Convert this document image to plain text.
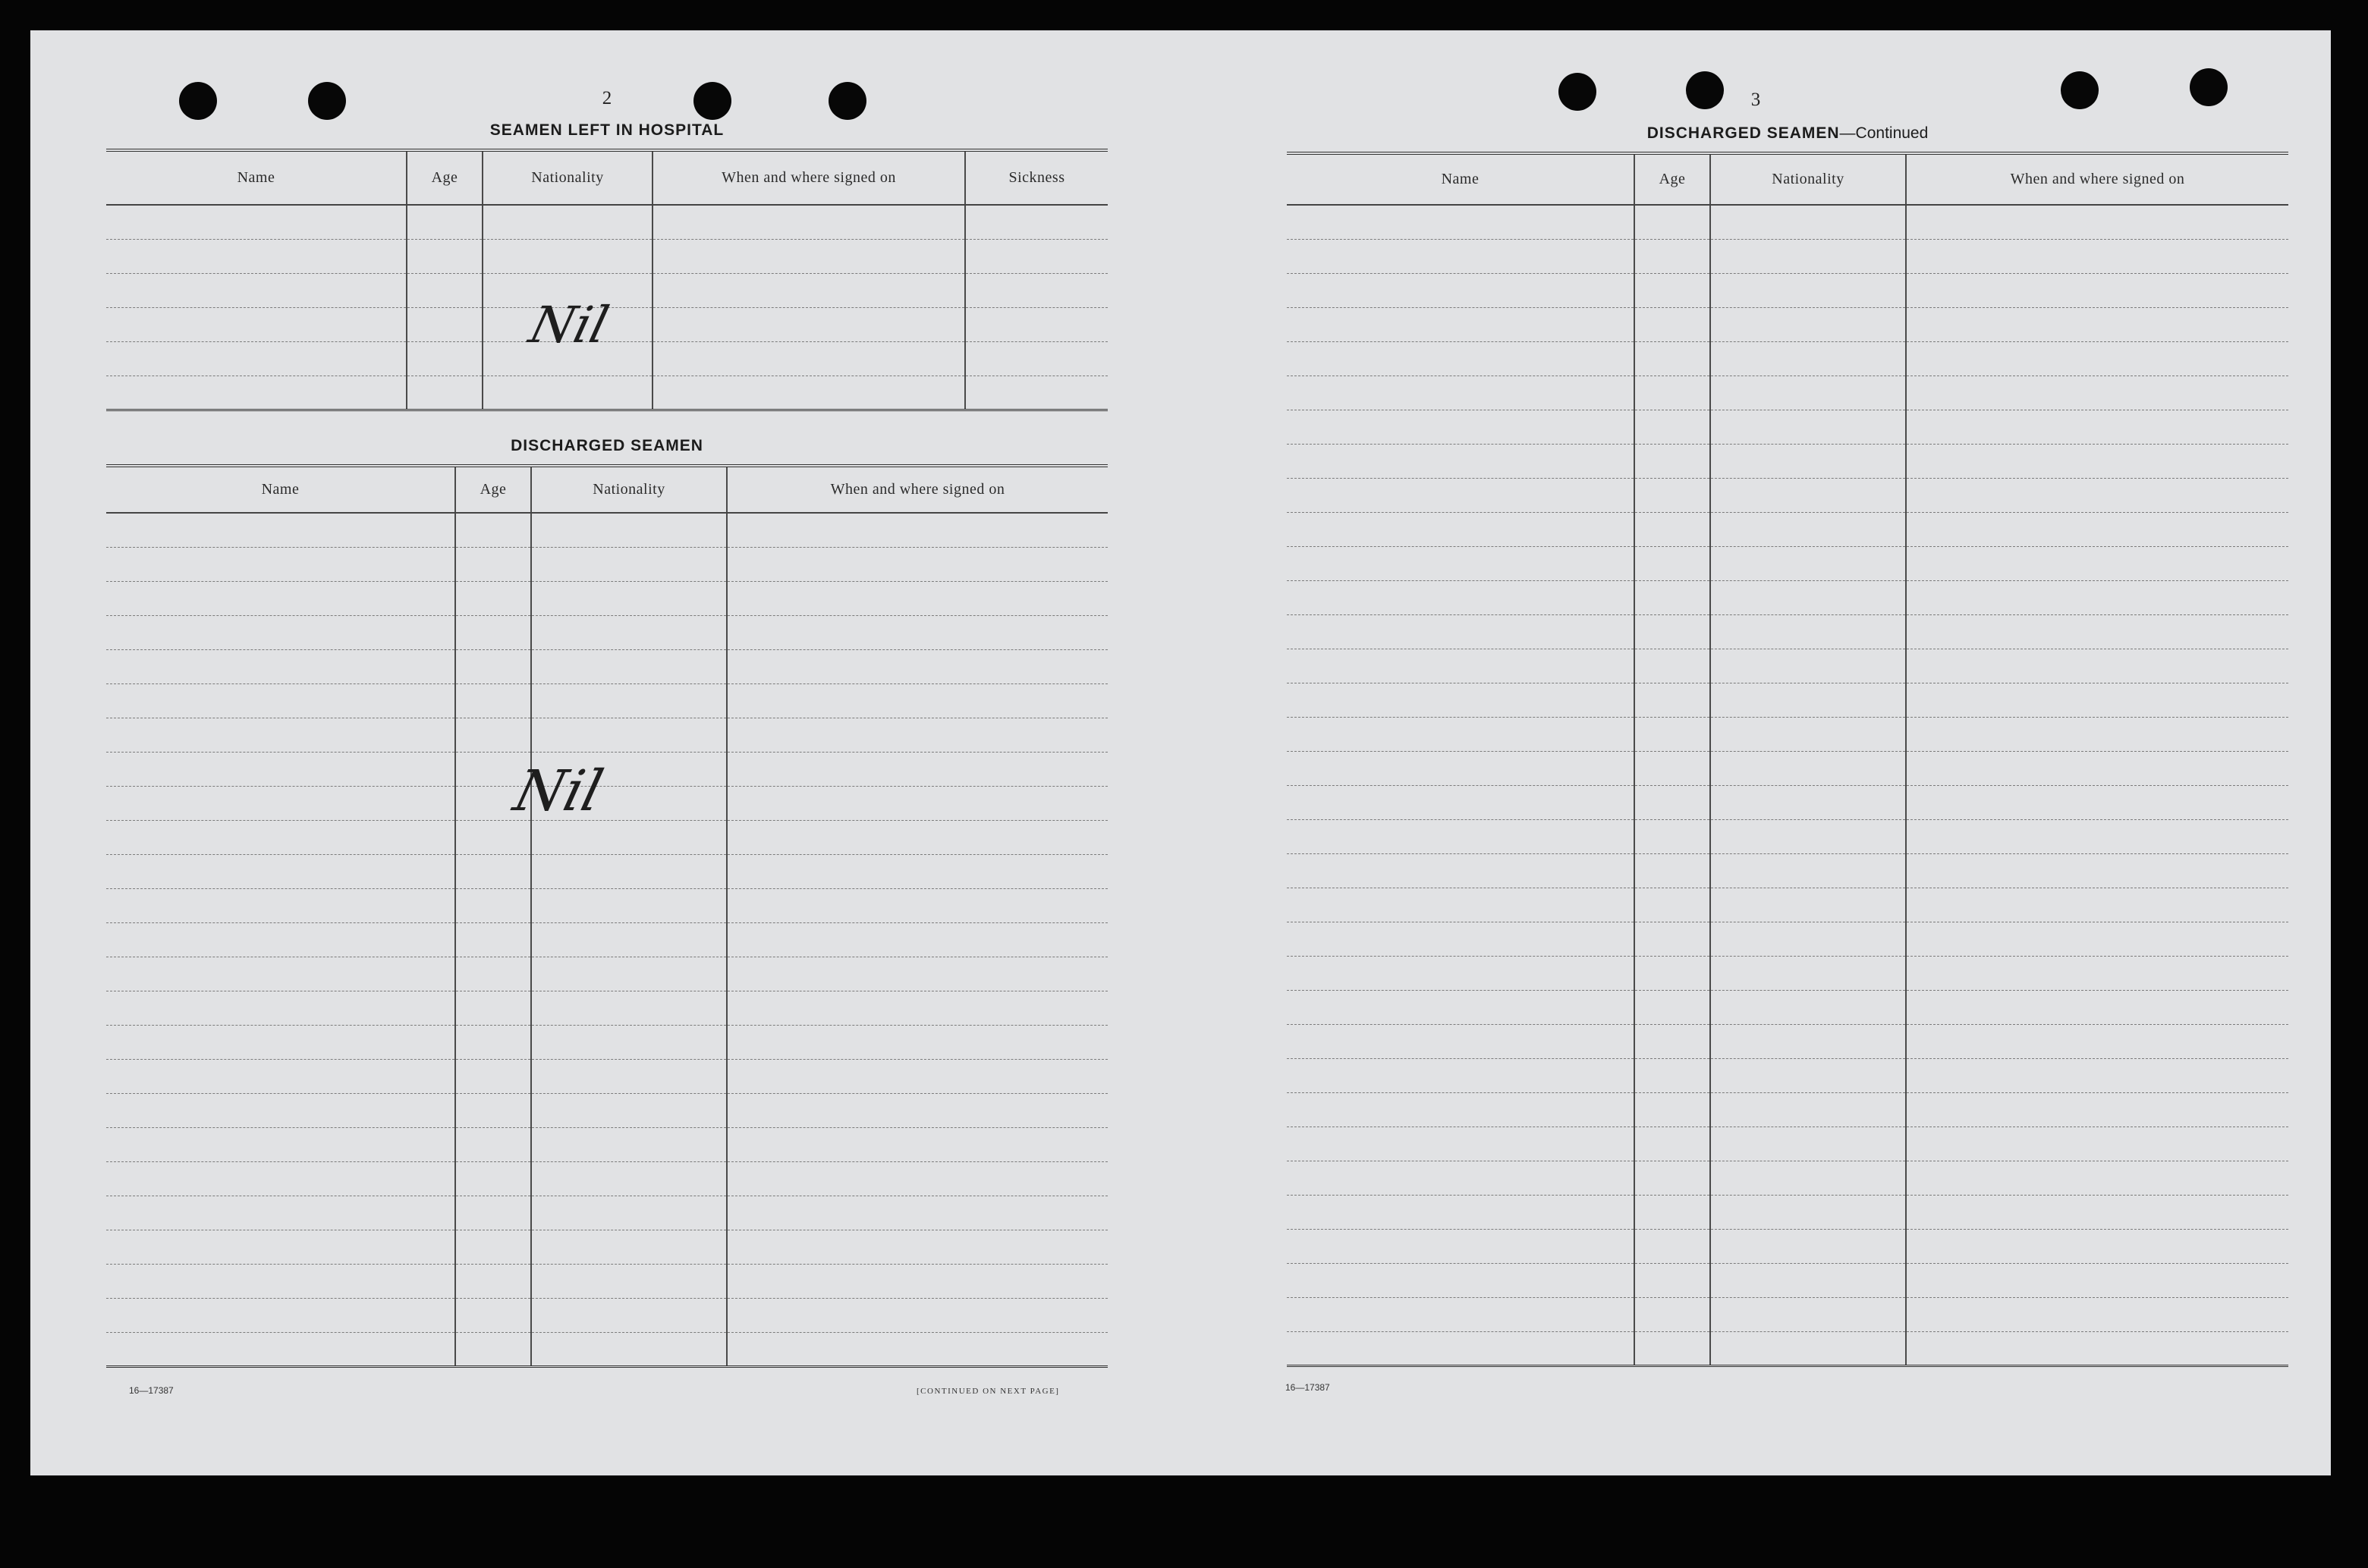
2
SEAMEN LEFT IN HOSPITAL
Name	Age	Nationality	When and where signed on	Sickness

Nil
DISCHARGED SEAMEN
Name	Age	Nationality	When and where signed on

Nil
16—17387	[CONTINUED ON NEXT PAGE]
3
DISCHARGED SEAMEN—Continued
Name	Age	Nationality	When and where signed on

16—17387
